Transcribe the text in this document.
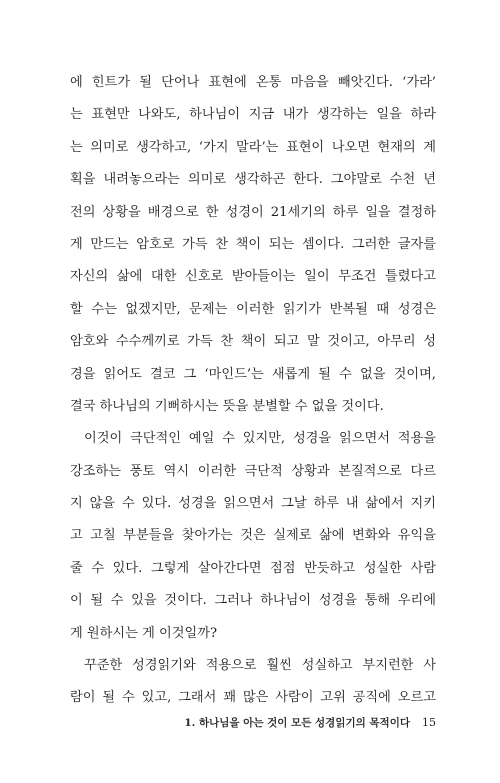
에 힌트가 될 단어나 표현에 온통 마음을 빼앗긴다. ‘가라’
는 표현만 나와도, 하나님이 지금 내가 생각하는 일을 하라
는 의미로 생각하고, ‘가지 말라’는 표현이 나오면 현재의 계
획을 내려놓으라는 의미로 생각하곤 한다. 그야말로 수천 년
전의 상황을 배경으로 한 성경이 21세기의 하루 일을 결정하
게 만드는 암호로 가득 찬 책이 되는 셈이다. 그러한 글자를
자신의 삶에 대한 신호로 받아들이는 일이 무조건 틀렸다고
할 수는 없겠지만, 문제는 이러한 읽기가 반복될 때 성경은
암호와 수수께끼로 가득 찬 책이 되고 말 것이고, 아무리 성
경을 읽어도 결코 그 ‘마인드’는 새롭게 될 수 없을 것이며,
결국 하나님의 기뻐하시는 뜻을 분별할 수 없을 것이다.
이것이 극단적인 예일 수 있지만, 성경을 읽으면서 적용을
강조하는 풍토 역시 이러한 극단적 상황과 본질적으로 다르
지 않을 수 있다. 성경을 읽으면서 그날 하루 내 삶에서 지키
고 고칠 부분들을 찾아가는 것은 실제로 삶에 변화와 유익을
줄 수 있다. 그렇게 살아간다면 점점 반듯하고 성실한 사람
이 될 수 있을 것이다. 그러나 하나님이 성경을 통해 우리에
게 원하시는 게 이것일까?
꾸준한 성경읽기와 적용으로 훨씬 성실하고 부지런한 사
람이 될 수 있고, 그래서 꽤 많은 사람이 고위 공직에 오르고
1. 하나님을 아는 것이 모든 성경읽기의 목적이다 15
